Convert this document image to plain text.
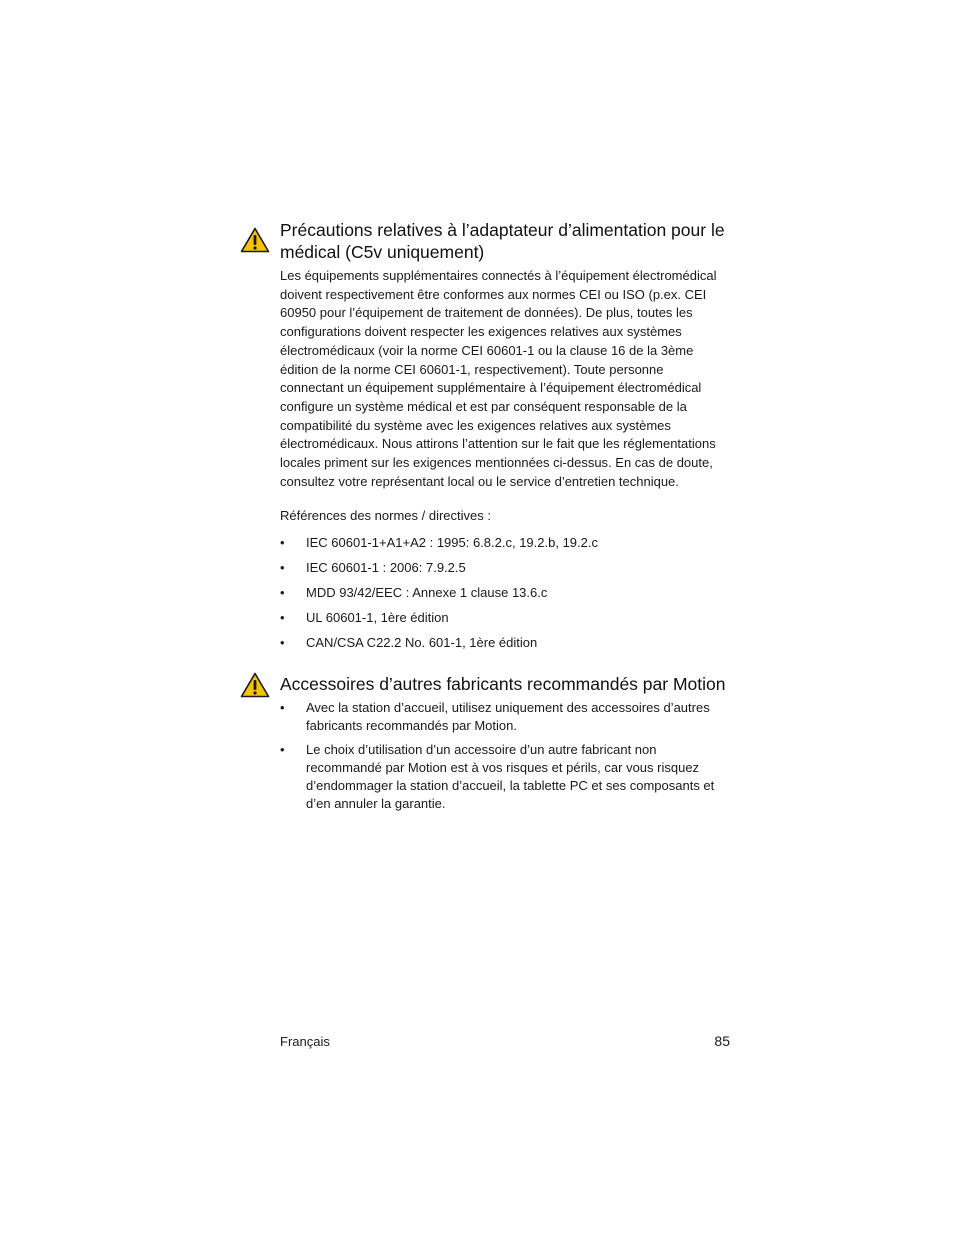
Précautions relatives à l’adaptateur d’alimentation pour le médical (C5v uniquement)

Les équipements supplémentaires connectés à l’équipement électromédical doivent respectivement être conformes aux normes CEI ou ISO (p.ex. CEI 60950 pour l’équipement de traitement de données). De plus, toutes les configurations doivent respecter les exigences relatives aux systèmes électromédicaux (voir la norme CEI 60601-1 ou la clause 16 de la 3ème édition de la norme CEI 60601-1, respectivement). Toute personne connectant un équipement supplémentaire à l’équipement électromédical configure un système médical et est par conséquent responsable de la compatibilité du système avec les exigences relatives aux systèmes électromédicaux. Nous attirons l’attention sur le fait que les réglementations locales priment sur les exigences mentionnées ci-dessus. En cas de doute, consultez votre représentant local ou le service d’entretien technique.

Références des normes / directives :

• IEC 60601-1+A1+A2 : 1995: 6.8.2.c, 19.2.b, 19.2.c
• IEC 60601-1 : 2006: 7.9.2.5
• MDD 93/42/EEC : Annexe 1 clause 13.6.c
• UL 60601-1, 1ère édition
• CAN/CSA C22.2 No. 601-1, 1ère édition
Accessoires d’autres fabricants recommandés par Motion
• Avec la station d’accueil, utilisez uniquement des accessoires d’autres fabricants recommandés par Motion.
• Le choix d’utilisation d’un accessoire d’un autre fabricant non recommandé par Motion est à vos risques et périls, car vous risquez d’endommager la station d’accueil, la tablette PC et ses composants et d’en annuler la garantie.
Français	85
